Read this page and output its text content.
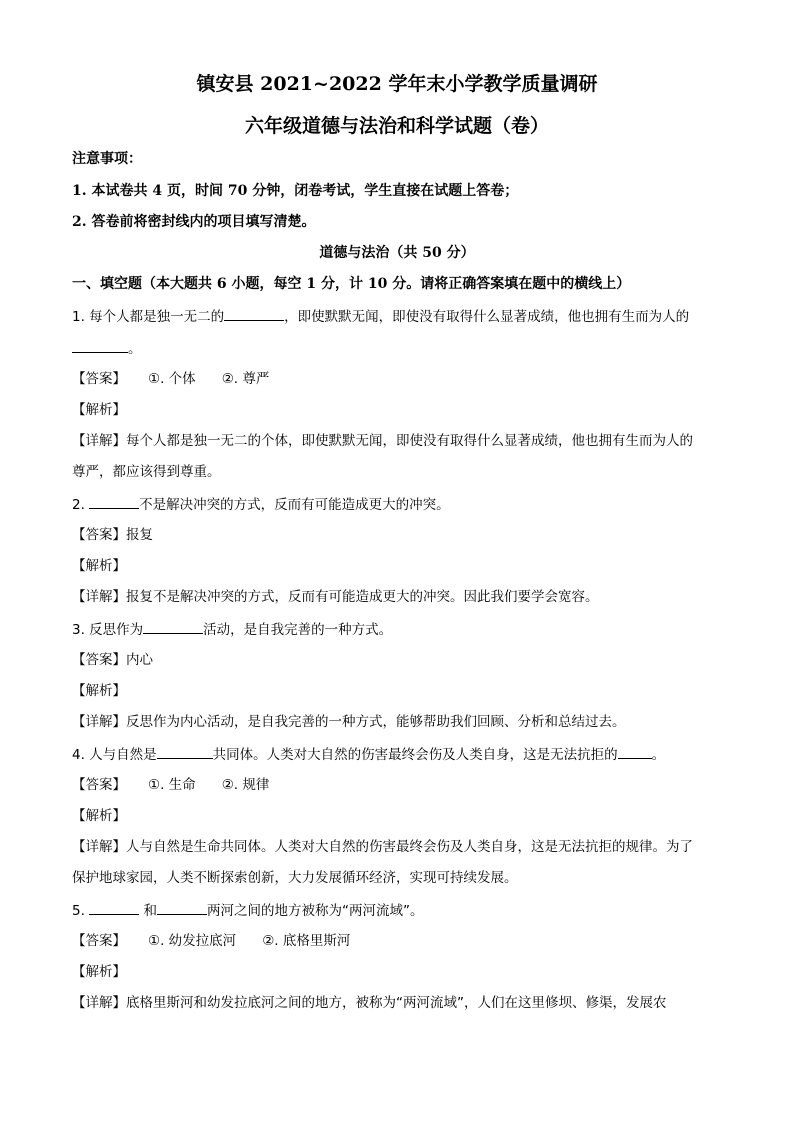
镇安县 2021~2022 学年末小学教学质量调研
六年级道德与法治和科学试题（卷）
注意事项：
1. 本试卷共 4 页，时间 70 分钟，闭卷考试，学生直接在试题上答卷；
2. 答卷前将密封线内的项目填写清楚。
道德与法治（共 50 分）
一、填空题（本大题共 6 小题，每空 1 分，计 10 分。请将正确答案填在题中的横线上）
1. 每个人都是独一无二的	，即使默默无闻，即使没有取得什么显著成绩，他也拥有生而为人的
。
【答案】 ①. 个体 ②. 尊严
【解析】
【详解】每个人都是独一无二的个体，即使默默无闻，即使没有取得什么显著成绩，他也拥有生而为人的
尊严，都应该得到尊重。
2.	不是解决冲突的方式，反而有可能造成更大的冲突。
【答案】报复
【解析】
【详解】报复不是解决冲突的方式，反而有可能造成更大的冲突。因此我们要学会宽容。
3. 反思作为	活动，是自我完善的一种方式。
【答案】内心
【解析】
【详解】反思作为内心活动，是自我完善的一种方式，能够帮助我们回顾、分析和总结过去。
4. 人与自然是	共同体。人类对大自然的伤害最终会伤及人类自身，这是无法抗拒的	。
【答案】 ①. 生命 ②. 规律
【解析】
【详解】人与自然是生命共同体。人类对大自然的伤害最终会伤及人类自身，这是无法抗拒的规律。为了
保护地球家园，人类不断探索创新，大力发展循环经济，实现可持续发展。
5.	和	两河之间的地方被称为“两河流域”。
【答案】 ①. 幼发拉底河 ②. 底格里斯河
【解析】
【详解】底格里斯河和幼发拉底河之间的地方，被称为“两河流域”，人们在这里修坝、修渠，发展农
